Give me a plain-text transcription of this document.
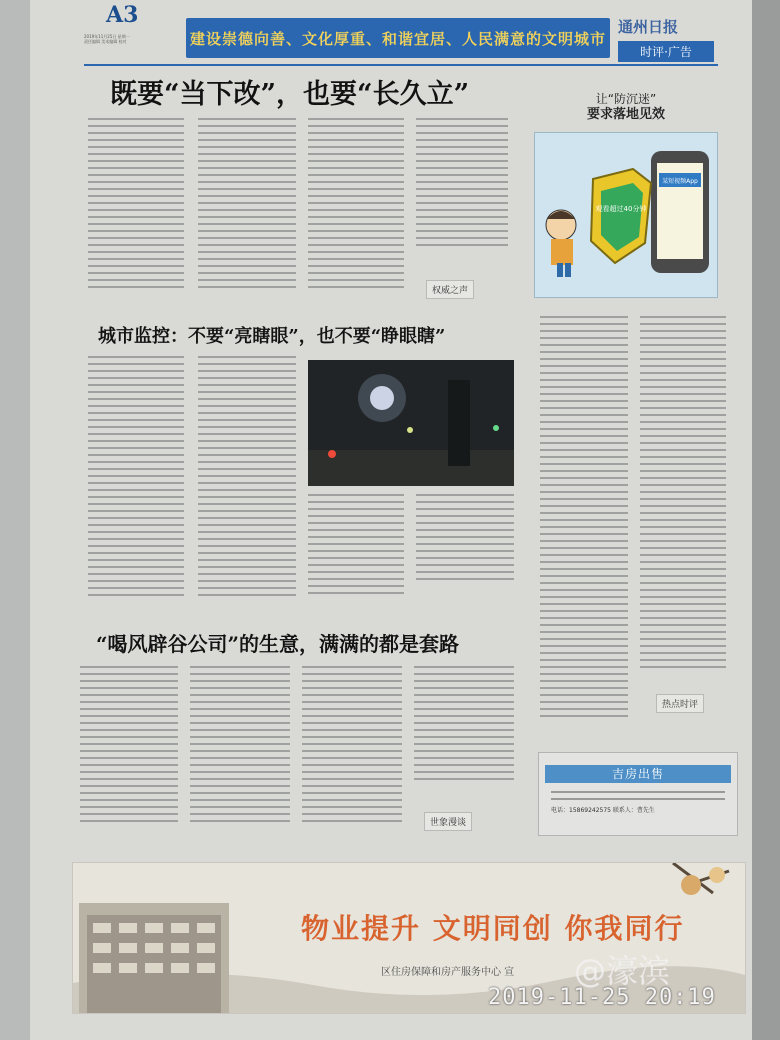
A3
2019年11月25日 星期一
责任编辑 美术编辑 校对	建设崇德向善、文化厚重、和谐宜居、人民满意的文明城市
通州日报
时评·广告
既要“当下改”，也要“长久立”
权威之声
让“防沉迷”
要求落地见效
观看超过40分钟
某短视频App
城市监控：不要“亮瞎眼”，也不要“睁眼瞎”
热点时评
“喝风辟谷公司”的生意，满满的都是套路
世象漫谈
吉房出售
电话：15869242575 联系人：曹先生
物业提升 文明同创 你我同行
区住房保障和房产服务中心 宣 @濠滨
2019-11-25 20:19
